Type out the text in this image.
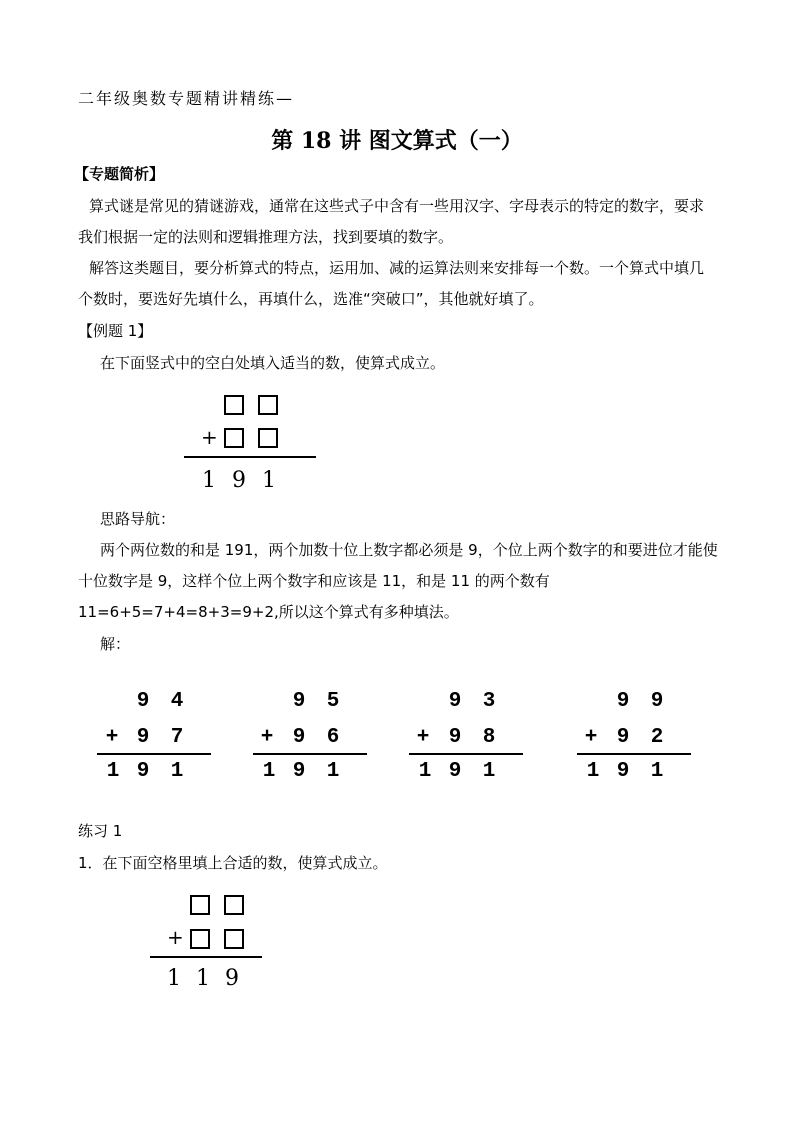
二年级奥数专题精讲精练—
第 18 讲 图文算式（一）
【专题简析】
算式谜是常见的猜谜游戏，通常在这些式子中含有一些用汉字、字母表示的特定的数字，要求我们根据一定的法则和逻辑推理方法，找到要填的数字。
解答这类题目，要分析算式的特点，运用加、减的运算法则来安排每一个数。一个算式中填几个数时，要选好先填什么，再填什么，选准“突破口”，其他就好填了。
【例题 1】
在下面竖式中的空白处填入适当的数，使算式成立。
+
1 9 1
思路导航：
两个两位数的和是 191，两个加数十位上数字都必须是 9，个位上两个数字的和要进位才能使十位数字是 9，这样个位上两个数字和应该是 11，和是 11 的两个数有 11=6+5=7+4=8+3=9+2,所以这个算式有多种填法。
解：
9	4
+ 9	7
1 9	1
9	5
+ 9	6
1 9	1
9	3
+ 9	8
1 9	1
9	9
+ 9	2
1 9	1
练习 1
1．在下面空格里填上合适的数，使算式成立。
+
1 1 9
